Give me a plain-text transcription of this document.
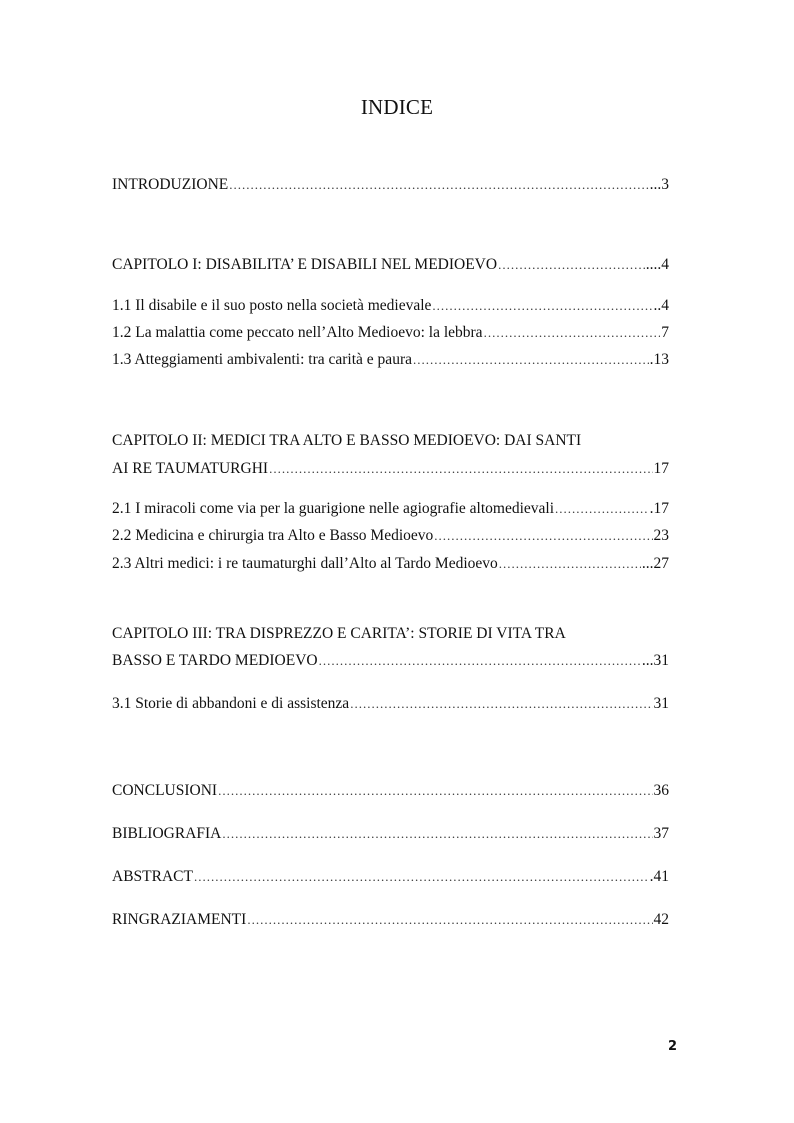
INDICE
INTRODUZIONE .....	...3
CAPITOLO I: DISABILITA’ E DISABILI NEL MEDIOEVO .....	....4
1.1 Il disabile e il suo posto nella società medievale .....	..4
1.2 La malattia come peccato nell’Alto Medioevo: la lebbra .....	7
1.3 Atteggiamenti ambivalenti: tra carità e paura .....	.13
CAPITOLO II: MEDICI TRA ALTO E BASSO MEDIOEVO: DAI SANTI
AI RE TAUMATURGHI .....	17
2.1 I miracoli come via per la guarigione nelle agiografie altomedievali .....	.17
2.2 Medicina e chirurgia tra Alto e Basso Medioevo .....	23
2.3 Altri medici: i re taumaturghi dall’Alto al Tardo Medioevo .....	...27
CAPITOLO III: TRA DISPREZZO E CARITA’: STORIE DI VITA TRA
BASSO E TARDO MEDIOEVO .....	...31
3.1 Storie di abbandoni e di assistenza .....	31
CONCLUSIONI .....	36
BIBLIOGRAFIA .....	37
ABSTRACT .....	.41
RINGRAZIAMENTI .....	42
2
